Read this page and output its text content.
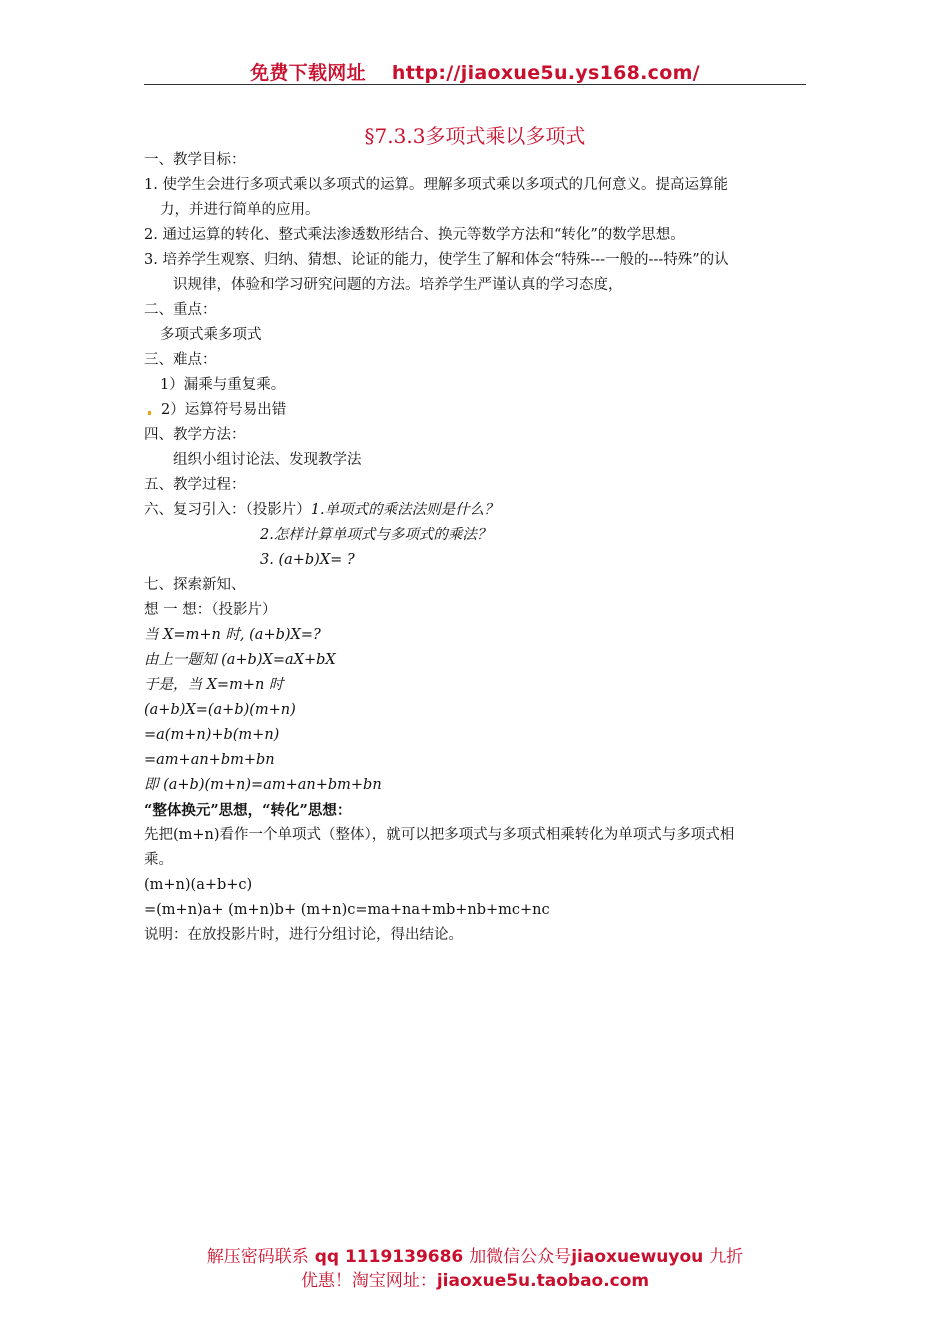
免费下载网址 http://jiaoxue5u.ys168.com/
§7.3.3多项式乘以多项式
一、教学目标：
1. 使学生会进行多项式乘以多项式的运算。理解多项式乘以多项式的几何意义。提高运算能
力，并进行简单的应用。
2. 通过运算的转化、整式乘法渗透数形结合、换元等数学方法和“转化”的数学思想。
3. 培养学生观察、归纳、猜想、论证的能力，使学生了解和体会“特殊---一般的---特殊”的认
识规律，体验和学习研究问题的方法。培养学生严谨认真的学习态度，
二、重点：
多项式乘多项式
三、难点：
1）漏乘与重复乘。
2）运算符号易出错
四、教学方法：
组织小组讨论法、发现教学法
五、教学过程：
六、复习引入：（投影片）1.单项式的乘法法则是什么？
2.怎样计算单项式与多项式的乘法？
3. (a+b)X= ?
七、探索新知、
想 一 想：（投影片）
当 X=m+n 时, (a+b)X=?
由上一题知 (a+b)X=aX+bX
于是，当 X=m+n 时
(a+b)X=(a+b)(m+n)
=a(m+n)+b(m+n)
=am+an+bm+bn
即 (a+b)(m+n)=am+an+bm+bn
“整体换元”思想，“转化”思想：
先把(m+n)看作一个单项式（整体），就可以把多项式与多项式相乘转化为单项式与多项式相
乘。
(m+n)(a+b+c)
=(m+n)a+ (m+n)b+ (m+n)c=ma+na+mb+nb+mc+nc
说明：在放投影片时，进行分组讨论，得出结论。
解压密码联系 qq 1119139686 加微信公众号jiaoxuewuyou 九折
优惠！淘宝网址：jiaoxue5u.taobao.com
